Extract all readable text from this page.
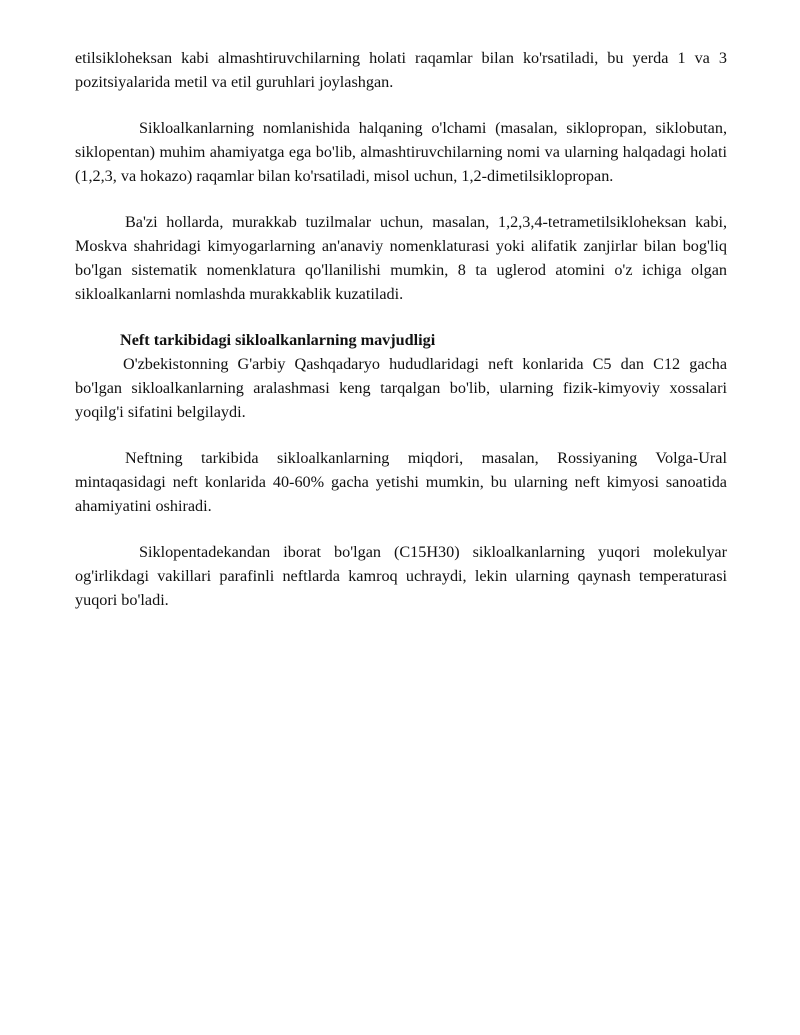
etilsikloheksan kabi almashtiruvchilarning holati raqamlar bilan ko'rsatiladi, bu yerda 1 va 3 pozitsiyalarida metil va etil guruhlari joylashgan.

Sikloalkanlarning nomlanishida halqaning o'lchami (masalan, siklopropan, siklobutan, siklopentan) muhim ahamiyatga ega bo'lib, almashtiruvchilarning nomi va ularning halqadagi holati (1,2,3, va hokazo) raqamlar bilan ko'rsatiladi, misol uchun, 1,2-dimetilsiklopropan.

Ba'zi hollarda, murakkab tuzilmalar uchun, masalan, 1,2,3,4-tetrametilsikloheksan kabi, Moskva shahridagi kimyogarlarning an'anaviy nomenklaturasi yoki alifatik zanjirlar bilan bog'liq bo'lgan sistematik nomenklatura qo'llanilishi mumkin, 8 ta uglerod atomini o'z ichiga olgan sikloalkanlarni nomlashda murakkablik kuzatiladi.

Neft tarkibidagi sikloalkanlarning mavjudligi

O'zbekistonning G'arbiy Qashqadaryo hududlaridagi neft konlarida C5 dan C12 gacha bo'lgan sikloalkanlarning aralashmasi keng tarqalgan bo'lib, ularning fizik-kimyoviy xossalari yoqilg'i sifatini belgilaydi.

Neftning tarkibida sikloalkanlarning miqdori, masalan, Rossiyaning Volga-Ural mintaqasidagi neft konlarida 40-60% gacha yetishi mumkin, bu ularning neft kimyosi sanoatida ahamiyatini oshiradi.

Siklopentadekandan iborat bo'lgan (C15H30) sikloalkanlarning yuqori molekulyar og'irlikdagi vakillari parafinli neftlarda kamroq uchraydi, lekin ularning qaynash temperaturasi yuqori bo'ladi.
